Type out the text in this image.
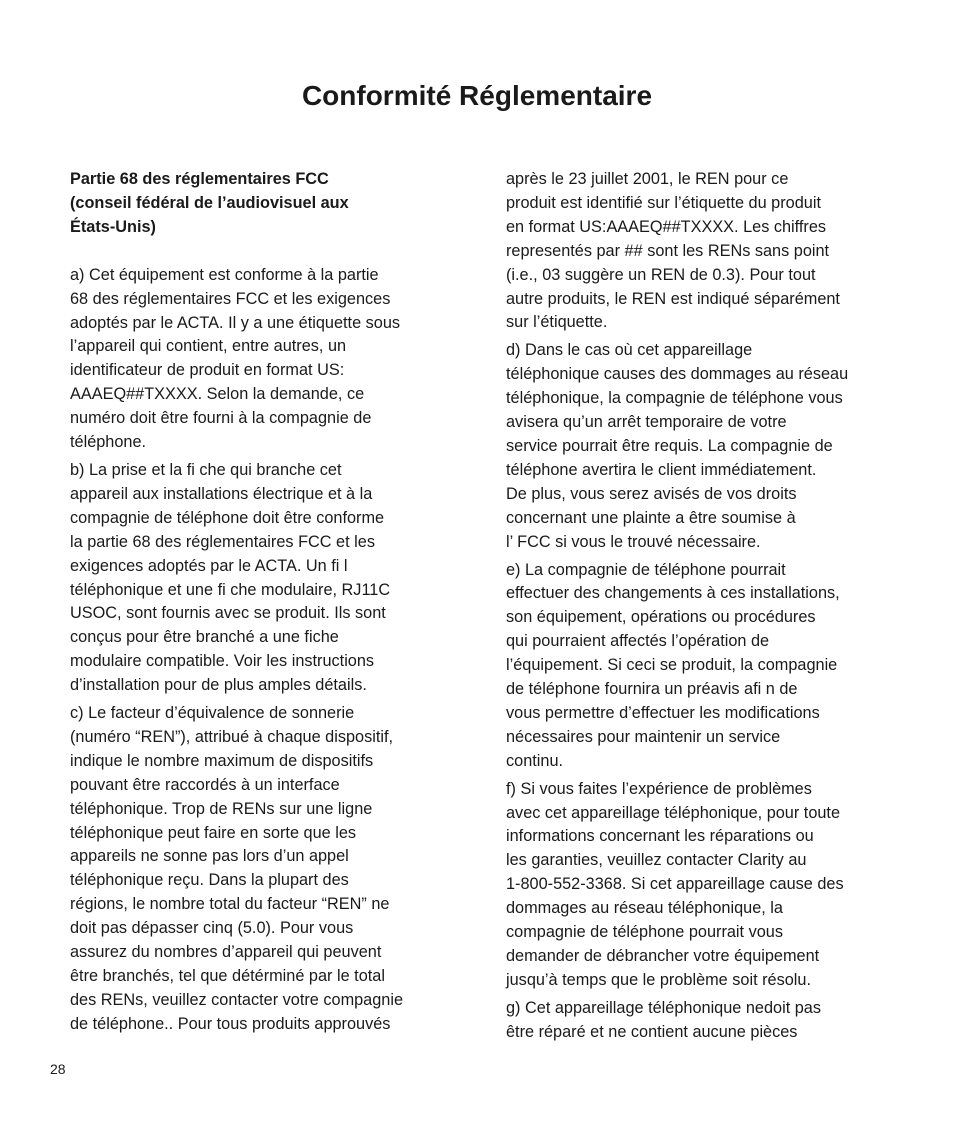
Conformité Réglementaire

Partie 68 des réglementaires FCC
(conseil fédéral de l’audiovisuel aux
États-Unis)

a) Cet équipement est conforme à la partie
68 des réglementaires FCC et les exigences
adoptés par le ACTA. Il y a une étiquette sous
l’appareil qui contient, entre autres, un
identificateur de produit en format US:
AAAEQ##TXXXX. Selon la demande, ce
numéro doit être fourni à la compagnie de
téléphone.

b) La prise et la fi che qui branche cet
appareil aux installations électrique et à la
compagnie de téléphone doit être conforme
la partie 68 des réglementaires FCC et les
exigences adoptés par le ACTA. Un fi l
téléphonique et une fi che modulaire, RJ11C
USOC, sont fournis avec se produit. Ils sont
conçus pour être branché a une fiche
modulaire compatible. Voir les instructions
d’installation pour de plus amples détails.

c) Le facteur d’équivalence de sonnerie
(numéro “REN”), attribué à chaque dispositif,
indique le nombre maximum de dispositifs
pouvant être raccordés à un interface
téléphonique. Trop de RENs sur une ligne
téléphonique peut faire en sorte que les
appareils ne sonne pas lors d’un appel
téléphonique reçu. Dans la plupart des
régions, le nombre total du facteur “REN” ne
doit pas dépasser cinq (5.0). Pour vous
assurez du nombres d’appareil qui peuvent
être branchés, tel que détérminé par le total
des RENs, veuillez contacter votre compagnie
de téléphone.. Pour tous produits approuvés

après le 23 juillet 2001, le REN pour ce
produit est identifié sur l’étiquette du produit
en format US:AAAEQ##TXXXX. Les chiffres
representés par ## sont les RENs sans point
(i.e., 03 suggère un REN de 0.3). Pour tout
autre produits, le REN est indiqué séparément
sur l’étiquette.

d) Dans le cas où cet appareillage
téléphonique causes des dommages au réseau
téléphonique, la compagnie de téléphone vous
avisera qu’un arrêt temporaire de votre
service pourrait être requis. La compagnie de
téléphone avertira le client immédiatement.
De plus, vous serez avisés de vos droits
concernant une plainte a être soumise à
l’ FCC si vous le trouvé nécessaire.

e) La compagnie de téléphone pourrait
effectuer des changements à ces installations,
son équipement, opérations ou procédures
qui pourraient affectés l’opération de
l’équipement. Si ceci se produit, la compagnie
de téléphone fournira un préavis afi n de
vous permettre d’effectuer les modifications
nécessaires pour maintenir un service
continu.

f) Si vous faites l’expérience de problèmes
avec cet appareillage téléphonique, pour toute
informations concernant les réparations ou
les garanties, veuillez contacter Clarity au
1-800-552-3368. Si cet appareillage cause des
dommages au réseau téléphonique, la
compagnie de téléphone pourrait vous
demander de débrancher votre équipement
jusqu’à temps que le problème soit résolu.

g) Cet appareillage téléphonique nedoit pas
être réparé et ne contient aucune pièces

28
